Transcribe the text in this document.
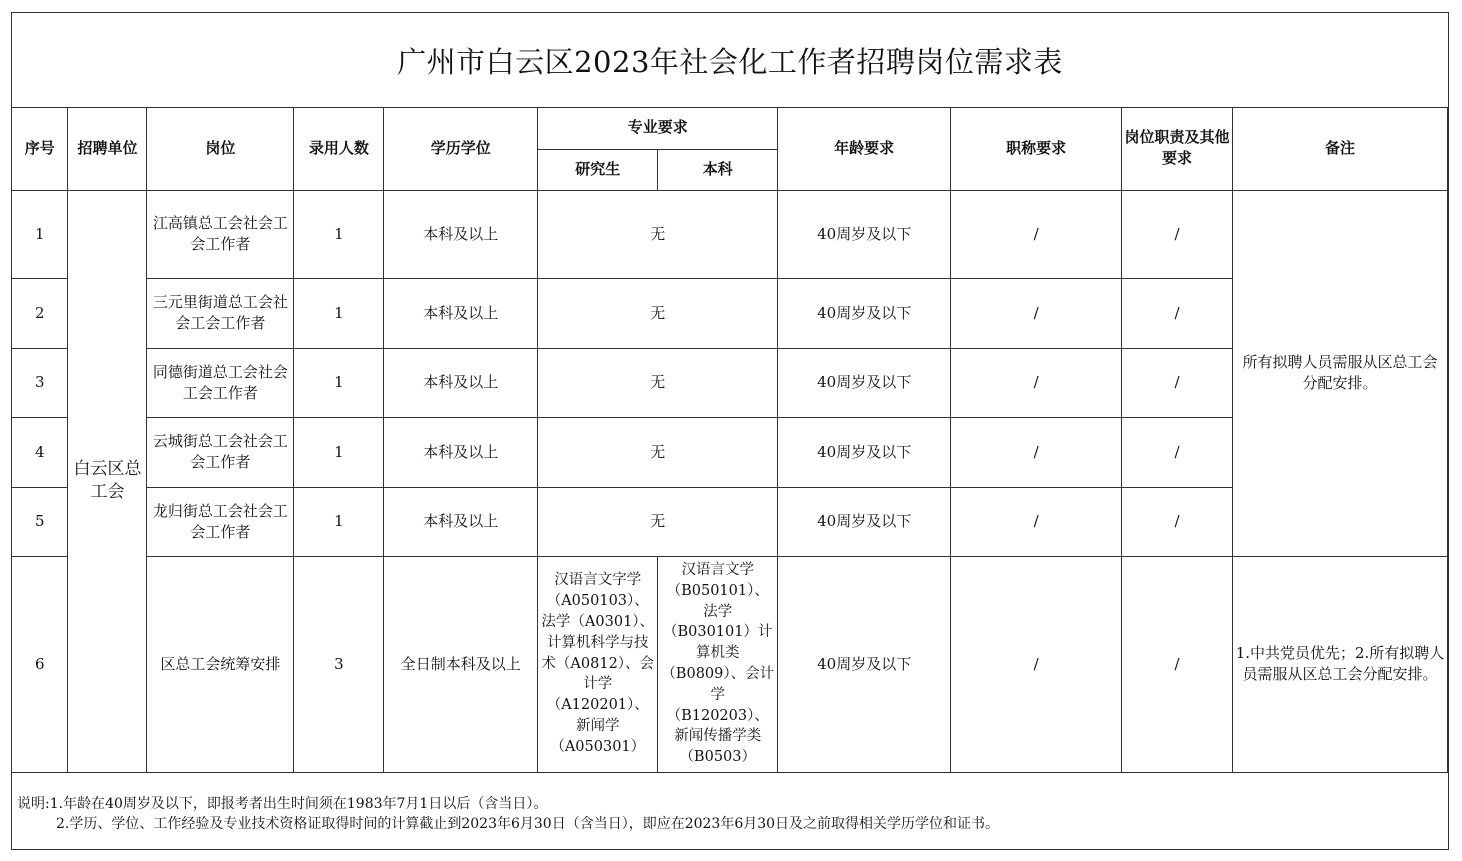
广州市白云区2023年社会化工作者招聘岗位需求表
序号	招聘单位	岗位	录用人数	学历学位	专业要求		年龄要求	职称要求	岗位职责及其他要求	备注
					研究生	本科				
1	白云区总工会	江高镇总工会社会工会工作者	1	本科及以上	无		40周岁及以下	/	/	所有拟聘人员需服从区总工会分配安排。
2		三元里街道总工会社会工会工作者	1	本科及以上	无		40周岁及以下	/	/	
3		同德街道总工会社会工会工作者	1	本科及以上	无		40周岁及以下	/	/	
4		云城街总工会社会工会工作者	1	本科及以上	无		40周岁及以下	/	/	
5		龙归街总工会社会工会工作者	1	本科及以上	无		40周岁及以下	/	/	
6		区总工会统筹安排	3	全日制本科及以上	汉语言文字学（A050103）、法学（A0301）、计算机科学与技术（A0812）、会计学（A120201）、新闻学（A050301）	汉语言文学（B050101）、法学（B030101）计算机类（B0809）、会计学（B120203）、新闻传播学类（B0503）	40周岁及以下	/	/	1.中共党员优先；2.所有拟聘人员需服从区总工会分配安排。
说明:1.年龄在40周岁及以下，即报考者出生时间须在1983年7月1日以后（含当日）。
2.学历、学位、工作经验及专业技术资格证取得时间的计算截止到2023年6月30日（含当日），即应在2023年6月30日及之前取得相关学历学位和证书。
